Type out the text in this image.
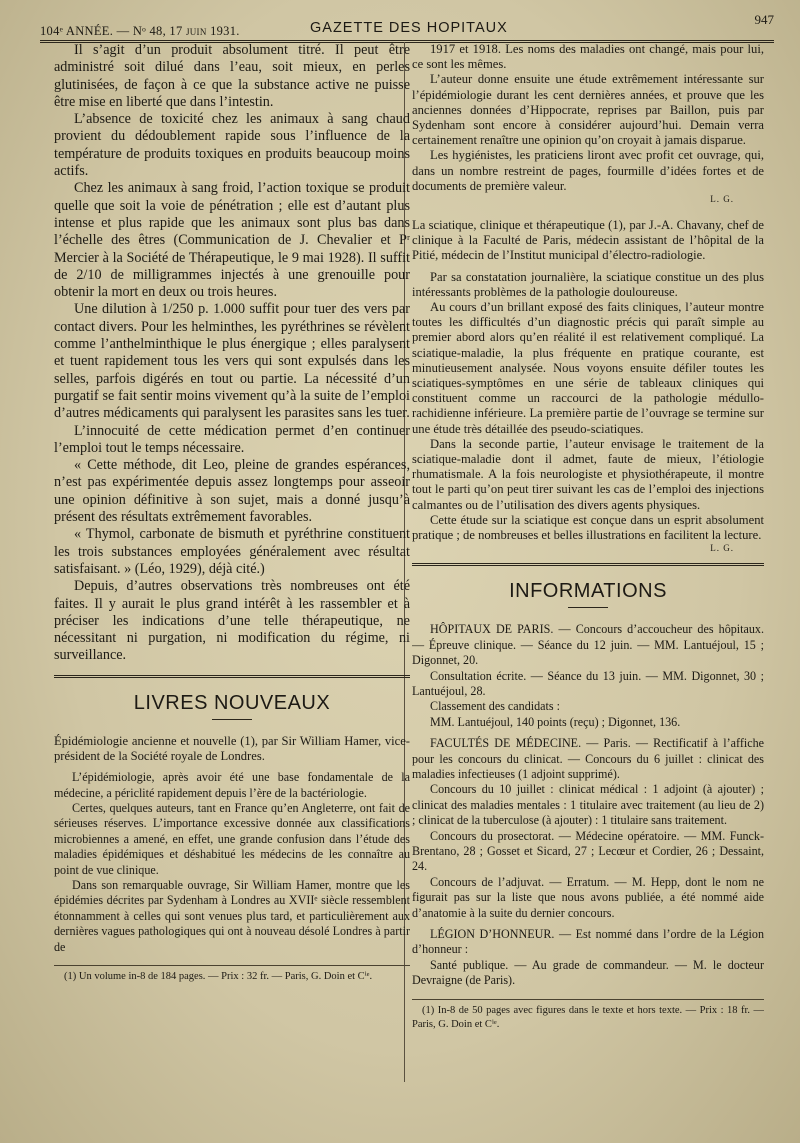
104ᵉ ANNÉE. — Nᵒ 48, 17 juin 1931.	GAZETTE DES HOPITAUX
947

Il s’agit d’un produit absolument titré. Il peut être administré soit dilué dans l’eau, soit mieux, en perles glutinisées, de façon à ce que la substance active ne puisse être mise en liberté que dans l’intestin.

L’absence de toxicité chez les animaux à sang chaud provient du dédoublement rapide sous l’influence de la température de produits toxiques en produits beaucoup moins actifs.

Chez les animaux à sang froid, l’action toxique se produit quelle que soit la voie de pénétration ; elle est d’autant plus intense et plus rapide que les animaux sont plus bas dans l’échelle des êtres (Communication de J. Chevalier et Pʳ Mercier à la Société de Thérapeutique, le 9 mai 1928). Il suffit de 2/10 de milligrammes injectés à une grenouille pour obtenir la mort en deux ou trois heures.

Une dilution à 1/250 p. 1.000 suffit pour tuer des vers par contact divers. Pour les helminthes, les pyréthrines se révèlent comme l’anthelminthique le plus énergique ; elles paralysent et tuent rapidement tous les vers qui sont expulsés dans les selles, parfois digérés en tout ou partie. La nécessité d’un purgatif se fait sentir moins vivement qu’à la suite de l’emploi d’autres médicaments qui paralysent les parasites sans les tuer.

L’innocuité de cette médication permet d’en continuer l’emploi tout le temps nécessaire.

« Cette méthode, dit Leo, pleine de grandes espérances, n’est pas expérimentée depuis assez longtemps pour asseoir une opinion définitive à son sujet, mais a donné jusqu’à présent des résultats extrêmement favorables.

« Thymol, carbonate de bismuth et pyréthrine constituent les trois substances employées généralement avec résultat satisfaisant. » (Léo, 1929), déjà cité.)

Depuis, d’autres observations très nombreuses ont été faites. Il y aurait le plus grand intérêt à les rassembler et à préciser les indications d’une telle thérapeutique, ne nécessitant ni purgation, ni modification du régime, ni surveillance.

LIVRES NOUVEAUX

Épidémiologie ancienne et nouvelle (1), par Sir William Hamer, vice-président de la Société royale de Londres.

L’épidémiologie, après avoir été une base fondamentale de la médecine, a périclité rapidement depuis l’ère de la bactériologie.

Certes, quelques auteurs, tant en France qu’en Angleterre, ont fait de sérieuses réserves. L’importance excessive donnée aux classifications microbiennes a amené, en effet, une grande confusion dans l’étude des maladies épidémiques et déshabitué les médecins de les connaître au point de vue clinique.

Dans son remarquable ouvrage, Sir William Hamer, montre que les épidémies décrites par Sydenham à Londres au XVIIᵉ siècle ressemblent étonnamment à celles qui sont venues plus tard, et particulièrement aux dernières vagues pathologiques qui ont à nouveau désolé Londres à partir de

(1) Un volume in-8 de 184 pages. — Prix : 32 fr. — Paris, G. Doin et Cⁱᵉ.

1917 et 1918. Les noms des maladies ont changé, mais pour lui, ce sont les mêmes.

L’auteur donne ensuite une étude extrêmement intéressante sur l’épidémiologie durant les cent dernières années, et prouve que les anciennes données d’Hippocrate, reprises par Baillon, puis par Sydenham sont encore à considérer aujourd’hui. Demain verra certainement renaître une opinion qu’on croyait à jamais disparue.

Les hygiénistes, les praticiens liront avec profit cet ouvrage, qui, dans un nombre restreint de pages, fourmille d’idées fortes et de documents de première valeur.

L. G.

La sciatique, clinique et thérapeutique (1), par J.-A. Chavany, chef de clinique à la Faculté de Paris, médecin assistant de l’hôpital de la Pitié, médecin de l’Institut municipal d’électro-radiologie.

Par sa constatation journalière, la sciatique constitue un des plus intéressants problèmes de la pathologie douloureuse.

Au cours d’un brillant exposé des faits cliniques, l’auteur montre toutes les difficultés d’un diagnostic précis qui paraît simple au premier abord alors qu’en réalité il est relativement compliqué. La sciatique-maladie, la plus fréquente en pratique courante, est minutieusement analysée. Nous voyons ensuite défiler toutes les sciatiques-symptômes en une série de tableaux cliniques qui constituent comme un raccourci de la pathologie médullo-rachidienne inférieure. La première partie de l’ouvrage se termine sur une étude très détaillée des pseudo-sciatiques.

Dans la seconde partie, l’auteur envisage le traitement de la sciatique-maladie dont il admet, faute de mieux, l’étiologie rhumatismale. A la fois neurologiste et physiothérapeute, il montre tout le parti qu’on peut tirer suivant les cas de l’emploi des injections calmantes ou de l’utilisation des divers agents physiques.

Cette étude sur la sciatique est conçue dans un esprit absolument pratique ; de nombreuses et belles illustrations en facilitent la lecture.

L. G.
INFORMATIONS

HÔPITAUX DE PARIS. — Concours d’accoucheur des hôpitaux. — Épreuve clinique. — Séance du 12 juin. — MM. Lantuéjoul, 15 ; Digonnet, 20.

Consultation écrite. — Séance du 13 juin. — MM. Digonnet, 30 ; Lantuéjoul, 28.

Classement des candidats :

MM. Lantuéjoul, 140 points (reçu) ; Digonnet, 136.

FACULTÉS DE MÉDECINE. — Paris. — Rectificatif à l’affiche pour les concours du clinicat. — Concours du 6 juillet : clinicat des maladies infectieuses (1 adjoint supprimé).

Concours du 10 juillet : clinicat médical : 1 adjoint (à ajouter) ; clinicat des maladies mentales : 1 titulaire avec traitement (au lieu de 2) ; clinicat de la tuberculose (à ajouter) : 1 titulaire sans traitement.

Concours du prosectorat. — Médecine opératoire. — MM. Funck-Brentano, 28 ; Gosset et Sicard, 27 ; Lecœur et Cordier, 26 ; Dessaint, 24.

Concours de l’adjuvat. — Erratum. — M. Hepp, dont le nom ne figurait pas sur la liste que nous avons publiée, a été nommé aide d’anatomie à la suite du dernier concours.

LÉGION D’HONNEUR. — Est nommé dans l’ordre de la Légion d’honneur :

Santé publique. — Au grade de commandeur. — M. le docteur Devraigne (de Paris).

(1) In-8 de 50 pages avec figures dans le texte et hors texte. — Prix : 18 fr. — Paris, G. Doin et Cⁱᵉ.
